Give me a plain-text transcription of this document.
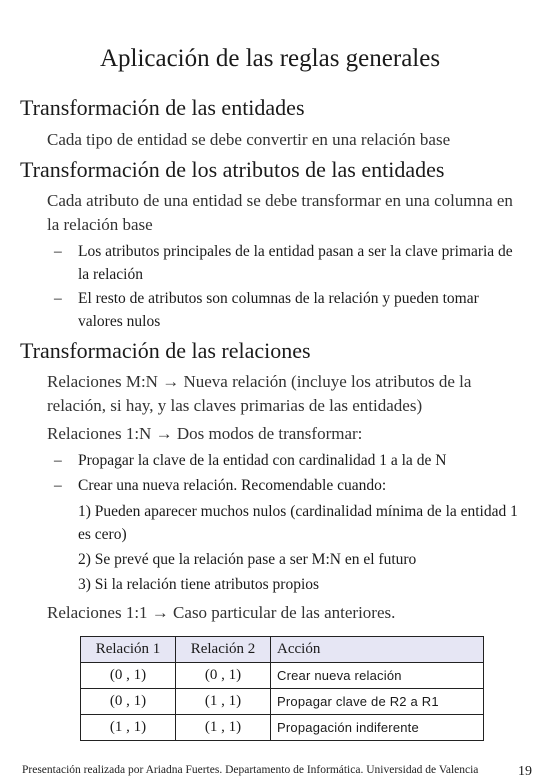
Aplicación de las reglas generales
Transformación de las entidades
Cada tipo de entidad se debe convertir en una relación base
Transformación de los atributos de las entidades
Cada atributo de una entidad se debe transformar en una columna en la relación base
– Los atributos principales de la entidad pasan a ser la clave primaria de la relación
– El resto de atributos son columnas de la relación y pueden tomar valores nulos
Transformación de las relaciones
Relaciones M:N → Nueva relación (incluye los atributos de la relación, si hay, y las claves primarias de las entidades)
Relaciones 1:N → Dos modos de transformar:
– Propagar la clave de la entidad con cardinalidad 1 a la de N
– Crear una nueva relación. Recomendable cuando:
1) Pueden aparecer muchos nulos (cardinalidad mínima de la entidad 1 es cero)
2) Se prevé que la relación pase a ser M:N en el futuro
3) Si la relación tiene atributos propios
Relaciones 1:1 → Caso particular de las anteriores.
Relación 1	Relación 2	Acción
(0 , 1)	(0 , 1)	Crear nueva relación
(0 , 1)	(1 , 1)	Propagar clave de R2 a R1
(1 , 1)	(1 , 1)	Propagación indiferente
Presentación realizada por Ariadna Fuertes. Departamento de Informática. Universidad de Valencia	19
